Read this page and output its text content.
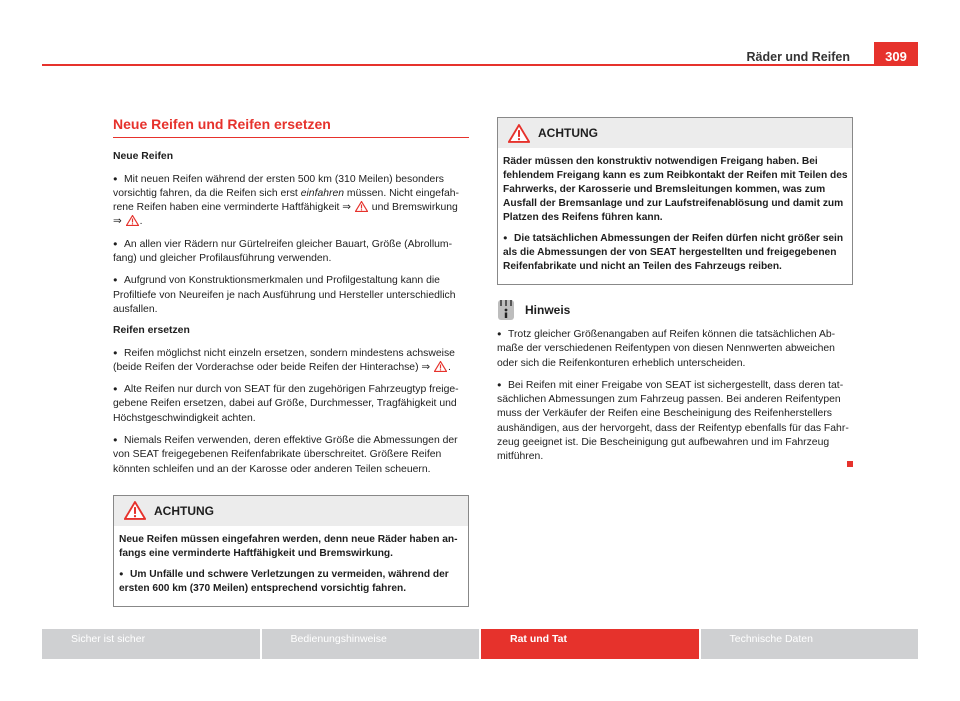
Räder und Reifen	309
Neue Reifen und Reifen ersetzen
Neue Reifen

● Mit neuen Reifen während der ersten 500 km (310 Meilen) besonders vorsichtig fahren, da die Reifen sich erst einfahren müssen. Nicht eingefahrene Reifen haben eine verminderte Haftfähigkeit ⇒  und Bremswirkung ⇒ .

● An allen vier Rädern nur Gürtelreifen gleicher Bauart, Größe (Abrollumfang) und gleicher Profilausführung verwenden.

● Aufgrund von Konstruktionsmerkmalen und Profilgestaltung kann die Profiltiefe von Neureifen je nach Ausführung und Hersteller unterschiedlich ausfallen.

Reifen ersetzen

● Reifen möglichst nicht einzeln ersetzen, sondern mindestens achsweise (beide Reifen der Vorderachse oder beide Reifen der Hinterachse) ⇒ .

● Alte Reifen nur durch von SEAT für den zugehörigen Fahrzeugtyp freigegebene Reifen ersetzen, dabei auf Größe, Durchmesser, Tragfähigkeit und Höchstgeschwindigkeit achten.

● Niemals Reifen verwenden, deren effektive Größe die Abmessungen der von SEAT freigegebenen Reifenfabrikate überschreitet. Größere Reifen könnten schleifen und an der Karosse oder anderen Teilen scheuern.

ACHTUNG

Neue Reifen müssen eingefahren werden, denn neue Räder haben anfangs eine verminderte Haftfähigkeit und Bremswirkung.

● Um Unfälle und schwere Verletzungen zu vermeiden, während der ersten 600 km (370 Meilen) entsprechend vorsichtig fahren.

ACHTUNG

Räder müssen den konstruktiv notwendigen Freigang haben. Bei fehlendem Freigang kann es zum Reibkontakt der Reifen mit Teilen des Fahrwerks, der Karosserie und Bremsleitungen kommen, was zum Ausfall der Bremsanlage und zur Laufstreifenablösung und damit zum Platzen des Reifens führen kann.

● Die tatsächlichen Abmessungen der Reifen dürfen nicht größer sein als die Abmessungen der von SEAT hergestellten und freigegebenen Reifenfabrikate und nicht an Teilen des Fahrzeugs reiben.

Hinweis

● Trotz gleicher Größenangaben auf Reifen können die tatsächlichen Abmaße der verschiedenen Reifentypen von diesen Nennwerten abweichen oder sich die Reifenkonturen erheblich unterscheiden.

● Bei Reifen mit einer Freigabe von SEAT ist sichergestellt, dass deren tatsächlichen Abmessungen zum Fahrzeug passen. Bei anderen Reifentypen muss der Verkäufer der Reifen eine Bescheinigung des Reifenherstellers aushändigen, aus der hervorgeht, dass der Reifentyp ebenfalls für das Fahrzeug geeignet ist. Die Bescheinigung gut aufbewahren und im Fahrzeug mitführen.

Sicher ist sicher	Bedienungshinweise	Rat und Tat	Technische Daten
